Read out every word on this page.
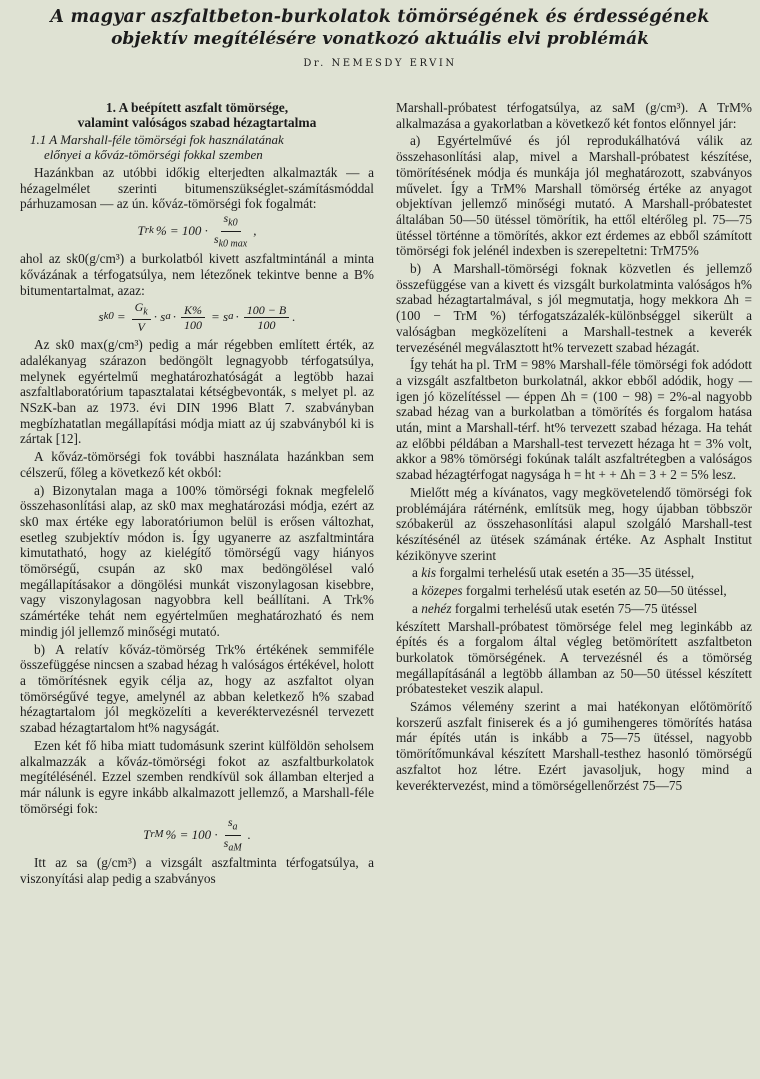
A magyar aszfaltbeton-burkolatok tömörségének és érdességének
objektív megítélésére vonatkozó aktuális elvi problémák
Dr. NEMESDY ERVIN
1. A beépített aszfalt tömörsége,
valamint valóságos szabad hézagtartalma
1.1 A Marshall-féle tömörségi fok használatának
előnyei a kőváz-tömörségi fokkal szemben

Hazánkban az utóbbi időkig elterjedten alkalmazták — a hézagelmélet szerinti bitumenszükséglet-számításmóddal párhuzamosan — az ún. kőváz-tömörségi fok fogalmát:

T rk % = $100 \cdot \frac{s_{k0}}{s_{k0 max}}$ ,

ahol az sk0(g/cm³) a burkolatból kivett aszfaltmintánál a minta kővázának a térfogatsúlya, nem létezőnek tekintve benne a B% bitumentartalmat, azaz:

s $k0 = \frac{G_k}{V} \cdot s$ $a \cdot \frac{K\%}{100} = s$ $a \cdot \frac{100 - B}{100}$ .

Az sk0 max(g/cm³) pedig a már régebben említett érték, az adalékanyag szárazon bedöngölt legnagyobb térfogatsúlya, melynek egyértelmű meghatározhatóságát a legtöbb hazai aszfaltlaboratórium tapasztalatai kétségbevonták, s melyet pl. az NSzK-ban az 1973. évi DIN 1996 Blatt 7. szabványban megbízhatatlan megállapítási módja miatt az új szabványból ki is zártak [12].

A kőváz-tömörségi fok további használata hazánkban sem célszerű, főleg a következő két okból:

a) Bizonytalan maga a 100% tömörségi foknak megfelelő összehasonlítási alap, az sk0 max meghatározási módja, ezért az sk0 max értéke egy laboratóriumon belül is erősen változhat, esetleg szubjektív módon is. Így ugyanerre az aszfaltmintára kimutatható, hogy az kielégítő tömörségű vagy hiányos tömörségű, csupán az sk0 max bedöngölésel való megállapításakor a döngölési munkát viszonylagosan kisebbre, vagy viszonylagosan nagyobbra kell beállítani. A Trk% számértéke tehát nem egyértelműen meghatározható és nem mindig jól jellemző minőségi mutató.

b) A relatív kőváz-tömörség Trk% értékének semmiféle összefüggése nincsen a szabad hézag h valóságos értékével, holott a tömörítésnek egyik célja az, hogy az aszfaltot olyan tömörségűvé tegye, amelynél az abban keletkező h% szabad hézagtartalom jól megközelíti a keveréktervezésnél tervezett szabad hézagtartalom ht% nagyságát.

Ezen két fő hiba miatt tudomásunk szerint külföldön seholsem alkalmazzák a kőváz-tömörségi fokot az aszfaltburkolatok megítélésénél. Ezzel szemben rendkívül sok államban elterjed a már nálunk is egyre inkább alkalmazott jellemző, a Marshall-féle tömörségi fok:

T rM % = $100 \cdot \frac{s_a}{s_{aM}}$ .

Itt az sa (g/cm³) a vizsgált aszfaltminta térfogatsúlya, a viszonyítási alap pedig a szabványos

Marshall-próbatest térfogatsúlya, az saM (g/cm³). A TrM% alkalmazása a gyakorlatban a következő két fontos előnnyel jár:

a) Egyértelművé és jól reprodukálhatóvá válik az összehasonlítási alap, mivel a Marshall-próbatest készítése, tömörítésének módja és munkája jól meghatározott, szabványos művelet. Így a TrM% Marshall tömörség értéke az anyagot objektívan jellemző minőségi mutató. A Marshall-próbatestet általában 50—50 ütéssel tömörítik, ha ettől eltérőleg pl. 75—75 ütéssel történne a tömörítés, akkor ezt érdemes az ebből számított tömörségi fok jelénél indexben is szerepeltetni: TrM75%

b) A Marshall-tömörségi foknak közvetlen és jellemző összefüggése van a kivett és vizsgált burkolatminta valóságos h% szabad hézagtartalmával, s jól megmutatja, hogy mekkora Δh = (100 − TrM %) térfogatszázalék-különbséggel sikerült a valóságban megközelíteni a Marshall-testnek a keverék tervezésénél megválasztott ht% tervezett szabad hézagát.

Így tehát ha pl. TrM = 98% Marshall-féle tömörségi fok adódott a vizsgált aszfaltbeton burkolatnál, akkor ebből adódik, hogy — igen jó közelítéssel — éppen Δh = (100 − 98) = 2%-al nagyobb szabad hézag van a burkolatban a tömörítés és forgalom hatása után, mint a Marshall-térf. ht% tervezett szabad hézaga. Ha tehát az előbbi példában a Marshall-test tervezett hézaga ht = 3% volt, akkor a 98% tömörségi fokúnak talált aszfaltrétegben a valóságos szabad hézagtérfogat nagysága h = ht + + Δh = 3 + 2 = 5% lesz.

Mielőtt még a kívánatos, vagy megkövetelendő tömörségi fok problémájára rátérnénk, említsük meg, hogy újabban többször szóbakerül az összehasonlítási alapul szolgáló Marshall-test készítésénél az ütések számának értéke. Az Asphalt Institut kézikönyve szerint

a kis forgalmi terhelésű utak esetén a 35—35 ütéssel,
a közepes forgalmi terhelésű utak esetén az 50—50 ütéssel,
a nehéz forgalmi terhelésű utak esetén 75—75 ütéssel

készített Marshall-próbatest tömörsége felel meg leginkább az építés és a forgalom által végleg betömörített aszfaltbeton burkolatok tömörségének. A tervezésnél és a tömörség megállapításánál a legtöbb államban az 50—50 ütéssel készített próbatesteket veszik alapul.

Számos vélemény szerint a mai hatékonyan előtömörítő korszerű aszfalt finiserek és a jó gumihengeres tömörítés hatása már építés után is inkább a 75—75 ütéssel, nagyobb tömörítőmunkával készített Marshall-testhez hasonló tömörségű aszfaltot hoz létre. Ezért javasoljuk, hogy mind a keveréktervezést, mind a tömörségellenőrzést 75—75
